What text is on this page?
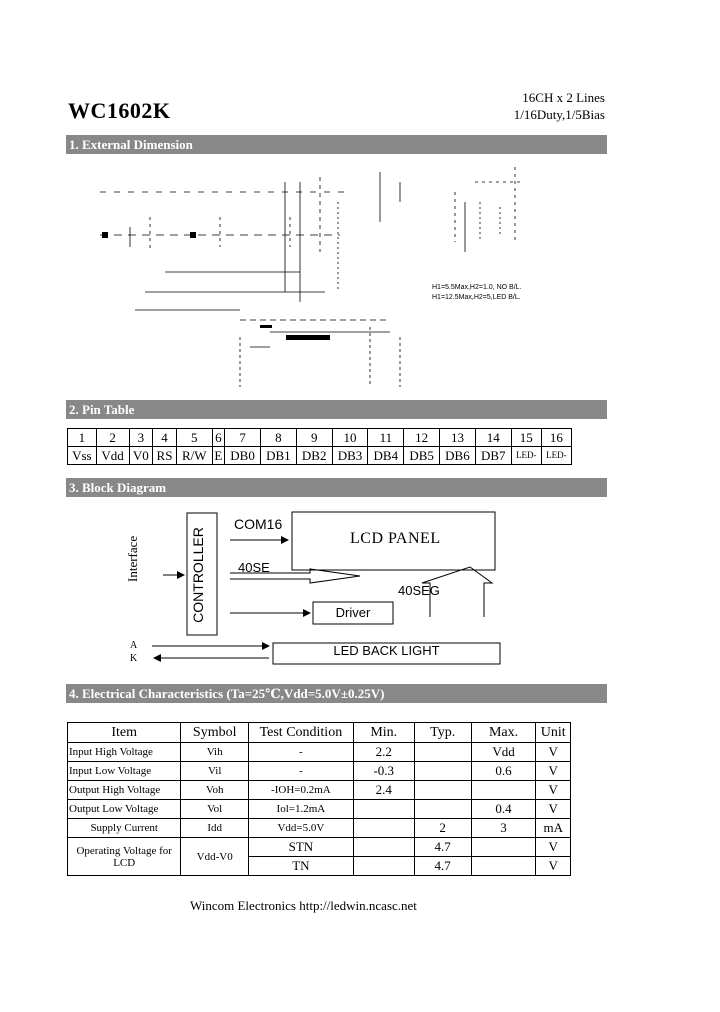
WC1602K
16CH x 2 Lines
1/16Duty,1/5Bias
1. External Dimension
H1=5.5Max,H2=1.0, NO B/L.
H1=12.5Max,H2=5,LED B/L.
2. Pin Table
1	2	3	4	5	6	7	8	9	10	11	12	13	14	15	16
Vss	Vdd	V0	RS	R/W	E	DB0	DB1	DB2	DB3	DB4	DB5	DB6	DB7	LED-	LED-
3. Block Diagram
Interface	CONTROLLER
COM16
LCD PANEL
40SE
40SEG
Driver
A
K
LED BACK LIGHT
4. Electrical Characteristics (Ta=25℃,Vdd=5.0V±0.25V)
Item	Symbol	Test Condition	Min.	Typ.	Max.	Unit
Input High Voltage	Vih	-	2.2		Vdd	V
Input Low Voltage	Vil	-	-0.3		0.6	V
Output High Voltage	Voh	-IOH=0.2mA	2.4			V
Output Low Voltage	Vol	Iol=1.2mA			0.4	V
Supply Current	Idd	Vdd=5.0V		2	3	mA
Operating Voltage for LCD	Vdd-V0	STN		4.7		V
		TN		4.7		V
Wincom Electronics http://ledwin.ncasc.net
